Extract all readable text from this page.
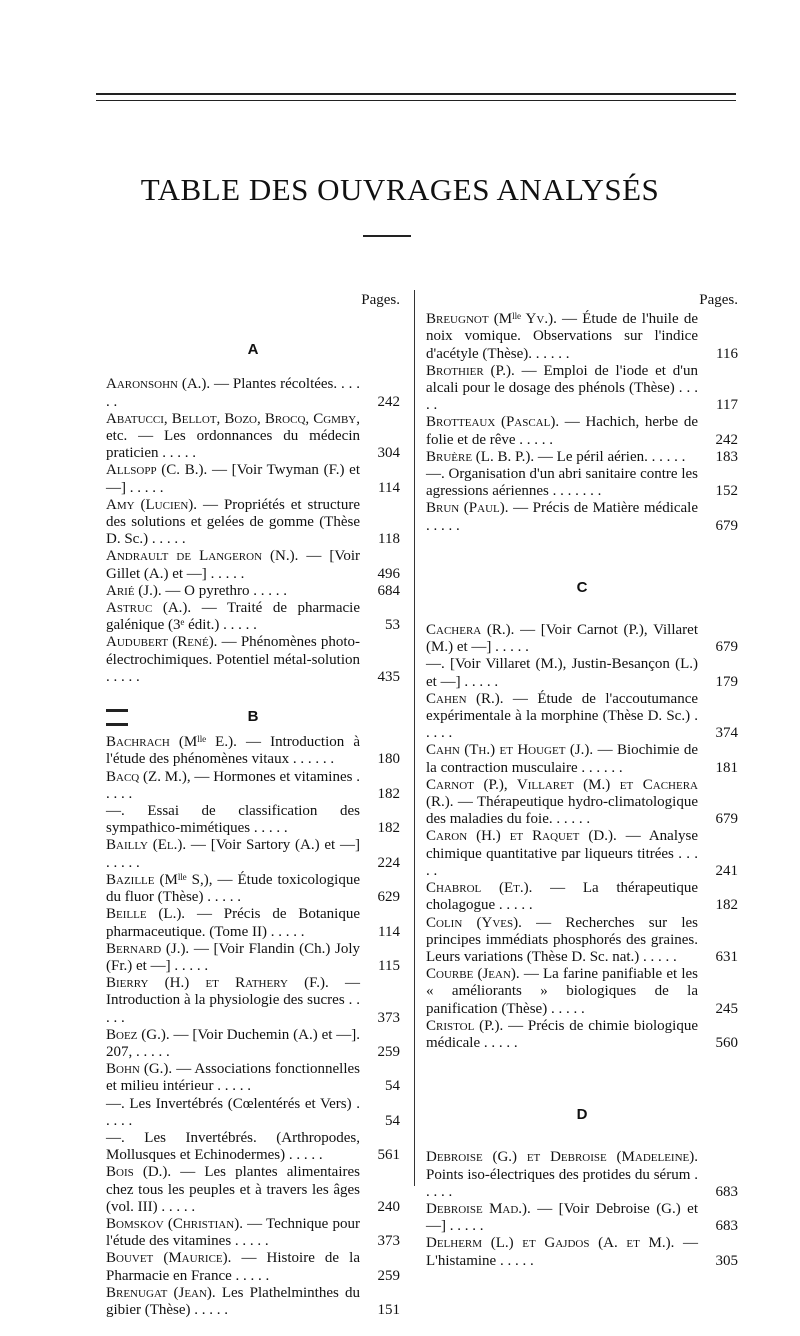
TABLE DES OUVRAGES ANALYSÉS

Pages.

A

Aaronsohn (A.). — Plantes récoltées. . . . . .	242
Abatucci, Bellot, Bozo, Brocq, Cgmby, etc. — Les ordonnances du médecin praticien . . . . .	304
Allsopp (C. B.). — [Voir Twyman (F.) et —] . . . . .	114
Amy (Lucien). — Propriétés et structure des solutions et gelées de gomme (Thèse D. Sc.) . . . . .	118
Andrault de Langeron (N.). — [Voir Gillet (A.) et —] . . . . .	496
Arié (J.). — O pyrethro . . . . .	684
Astruc (A.). — Traité de pharmacie galénique (3ᵉ édit.) . . . . .	53
Audubert (René). — Phénomènes photo-électrochimiques. Potentiel métal-solution . . . . .	435

B

Bachrach (Mˡˡᵉ E.). — Introduction à l'étude des phénomènes vitaux . . . . . .	180
Bacq (Z. M.), — Hormones et vitamines . . . . .	182
—. Essai de classification des sympathico-mimétiques . . . . .	182
Bailly (El.). — [Voir Sartory (A.) et —] . . . . .	224
Bazille (Mˡˡᵉ S,), — Étude toxicologique du fluor (Thèse) . . . . .	629
Beille (L.). — Précis de Botanique pharmaceutique. (Tome II) . . . . .	114
Bernard (J.). — [Voir Flandin (Ch.) Joly (Fr.) et —] . . . . .	115
Bierry (H.) et Rathery (F.). — Introduction à la physiologie des sucres . . . . .	373
Boez (G.). — [Voir Duchemin (A.) et —]. 207, . . . . .	259
Bohn (G.). — Associations fonctionnelles et milieu intérieur . . . . .	54
—. Les Invertébrés (Cœlentérés et Vers) . . . . .	54
—. Les Invertébrés. (Arthropodes, Mollusques et Echinodermes) . . . . .	561
Bois (D.). — Les plantes alimentaires chez tous les peuples et à travers les âges (vol. III) . . . . .	240
Bomskov (Christian). — Technique pour l'étude des vitamines . . . . .	373
Bouvet (Maurice). — Histoire de la Pharmacie en France . . . . .	259
Brenugat (Jean). Les Plathelminthes du gibier (Thèse) . . . . .	151

Pages.

Breugnot (Mˡˡᵉ Yv.). — Étude de l'huile de noix vomique. Observations sur l'indice d'acétyle (Thèse). . . . . .	116
Brothier (P.). — Emploi de l'iode et d'un alcali pour le dosage des phénols (Thèse) . . . . .	117
Brotteaux (Pascal). — Hachich, herbe de folie et de rêve . . . . .	242
Bruère (L. B. P.). — Le péril aérien. . . . . .	183
—. Organisation d'un abri sanitaire contre les agressions aériennes . . . . . . .	152
Brun (Paul). — Précis de Matière médicale . . . . .	679

C

Cachera (R.). — [Voir Carnot (P.), Villaret (M.) et —] . . . . .	679
—. [Voir Villaret (M.), Justin-Besançon (L.) et —] . . . . .	179
Cahen (R.). — Étude de l'accoutumance expérimentale à la morphine (Thèse D. Sc.) . . . . .	374
Cahn (Th.) et Houget (J.). — Biochimie de la contraction musculaire . . . . . .	181
Carnot (P.), Villaret (M.) et Cachera (R.). — Thérapeutique hydro-climatologique des maladies du foie. . . . . .	679
Caron (H.) et Raquet (D.). — Analyse chimique quantitative par liqueurs titrées . . . . .	241
Chabrol (Et.). — La thérapeutique cholagogue . . . . .	182
Colin (Yves). — Recherches sur les principes immédiats phosphorés des graines. Leurs variations (Thèse D. Sc. nat.) . . . . .	631
Courbe (Jean). — La farine panifiable et les « améliorants » biologiques de la panification (Thèse) . . . . .	245
Cristol (P.). — Précis de chimie biologique médicale . . . . .	560

D

Debroise (G.) et Debroise (Madeleine). Points iso-électriques des protides du sérum . . . . .	683
Debroise Mad.). — [Voir Debroise (G.) et —] . . . . .	683
Delherm (L.) et Gajdos (A. et M.). — L'histamine . . . . .	305
